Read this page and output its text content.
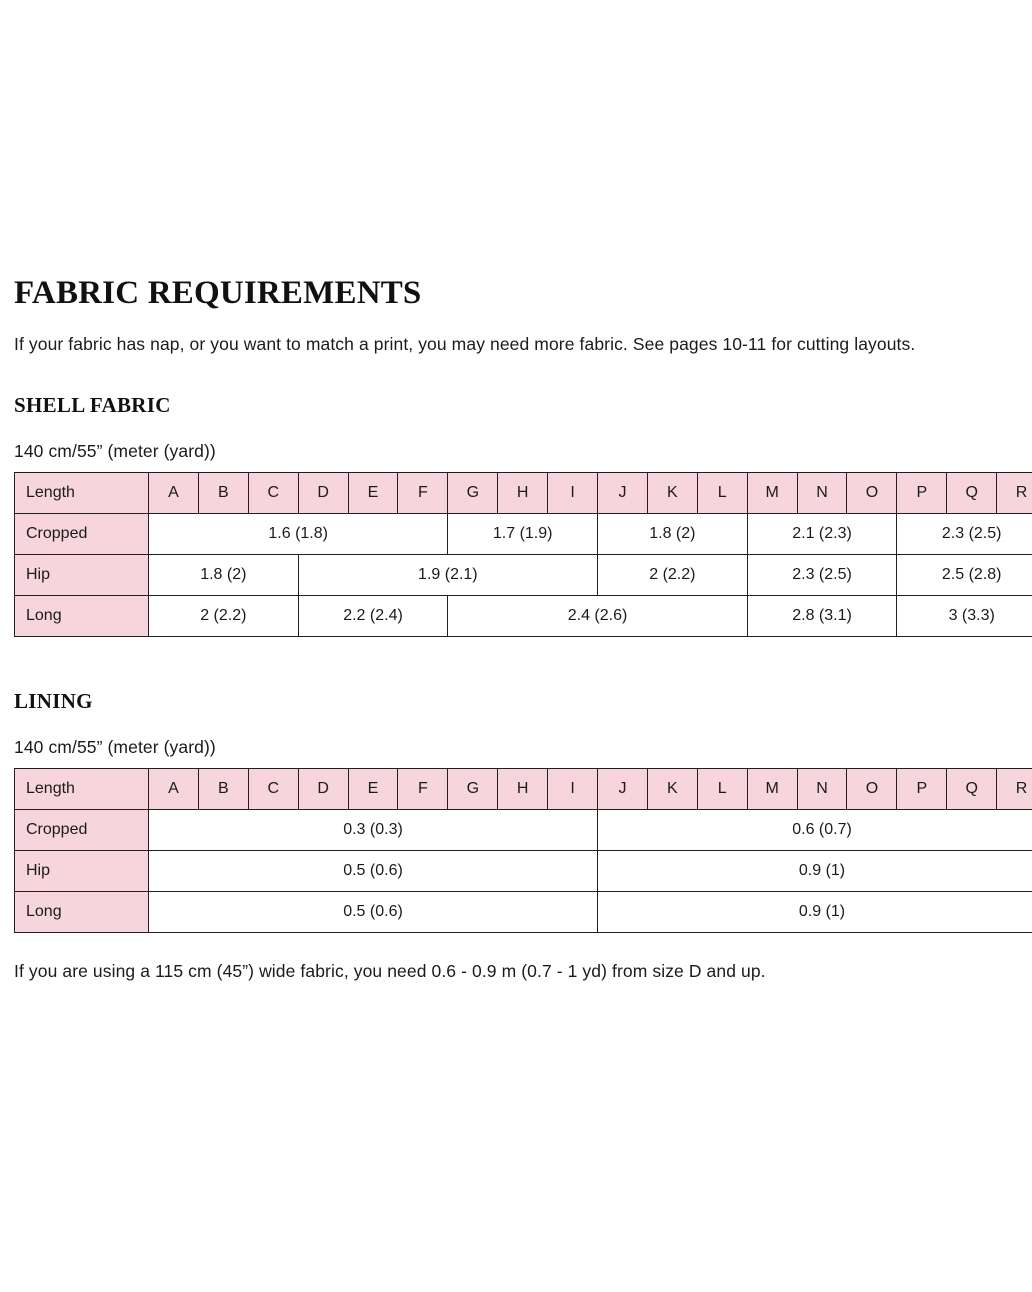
FABRIC REQUIREMENTS

If your fabric has nap, or you want to match a print, you may need more fabric. See pages 10-11 for cutting layouts.

SHELL FABRIC

140 cm/55” (meter (yard))

Length	A	B	C	D	E	F	G	H	I	J	K	L	M	N	O	P	Q	R
Cropped	1.6 (1.8)						1.7 (1.9)			1.8 (2)			2.1 (2.3)			2.3 (2.5)		
Hip	1.8 (2)			1.9 (2.1)						2 (2.2)			2.3 (2.5)			2.5 (2.8)		
Long	2 (2.2)			2.2 (2.4)			2.4 (2.6)						2.8 (3.1)			3 (3.3)		
LINING

140 cm/55” (meter (yard))

Length	A	B	C	D	E	F	G	H	I	J	K	L	M	N	O	P	Q	R
Cropped	0.3 (0.3)									0.6 (0.7)								
Hip	0.5 (0.6)									0.9 (1)								
Long	0.5 (0.6)									0.9 (1)								

If you are using a 115 cm (45”) wide fabric, you need 0.6 - 0.9 m (0.7 - 1 yd) from size D and up.
